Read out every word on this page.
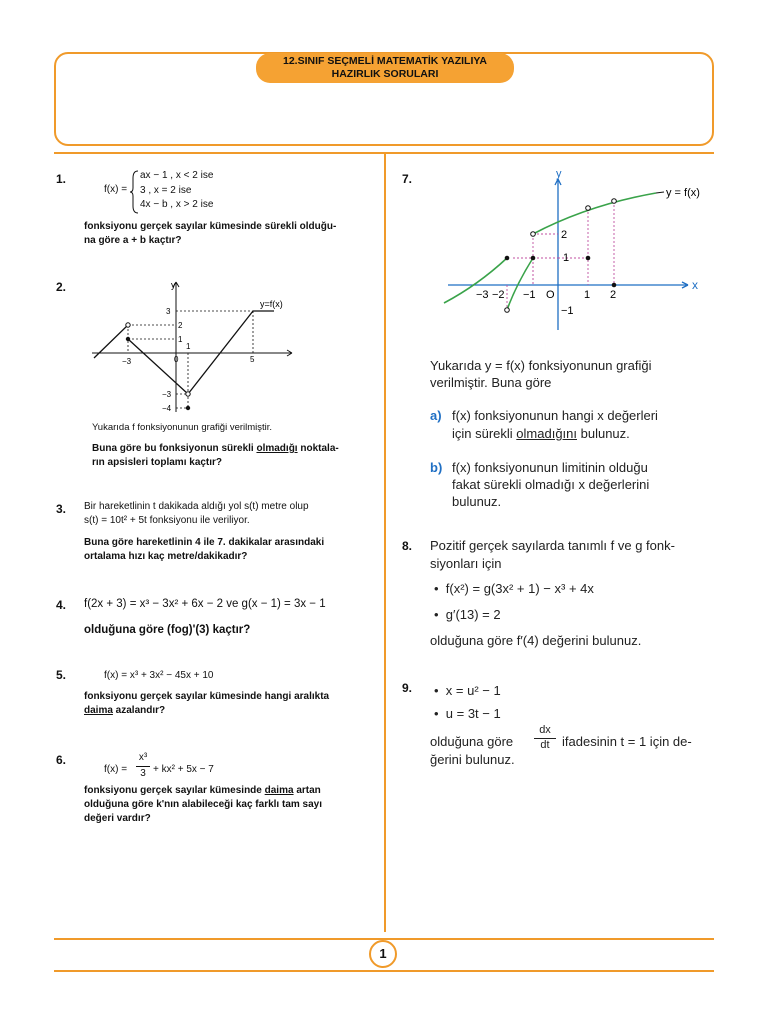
12.SINIF SEÇMELİ MATEMATİK YAZILIYA
HAZIRLIK SORULARI
1.
f(x) =
ax − 1 , x < 2 ise
3 , x = 2 ise
4x − b , x > 2 ise
fonksiyonu gerçek sayılar kümesinde sürekli olduğu-
na göre a + b kaçtır?
2.	y
y=f(x)
3
2
1
−3	0
1
5
−3
−4
Yukarıda f fonksiyonunun grafiği verilmiştir.
Buna göre bu fonksiyonun sürekli olmadığı noktala-
rın apsisleri toplamı kaçtır?
3. Bir hareketlinin t dakikada aldığı yol s(t) metre olup
s(t) = 10t² + 5t fonksiyonu ile veriliyor.
Buna göre hareketlinin 4 ile 7. dakikalar arasındaki
ortalama hızı kaç metre/dakikadır?
4. f(2x + 3) = x³ − 3x² + 6x − 2 ve g(x − 1) = 3x − 1
olduğuna göre (fog)'(3) kaçtır?
5.	f(x) = x³ + 3x² − 45x + 10
fonksiyonu gerçek sayılar kümesinde hangi aralıkta
daima azalandır?
6.
f(x) =
x³
3 + kx² + 5x − 7
fonksiyonu gerçek sayılar kümesinde daima artan
olduğuna göre k'nın alabileceği kaç farklı tam sayı
değeri vardır?
7.	y
x
y = f(x)
−3 −2 −1 O	1 2
2
1
−1
Yukarıda y = f(x) fonksiyonunun grafiği
verilmiştir. Buna göre
a) f(x) fonksiyonunun hangi x değerleri
için sürekli olmadığını bulunuz.
b) f(x) fonksiyonunun limitinin olduğu
fakat sürekli olmadığı x değerlerini
bulunuz.
8. Pozitif gerçek sayılarda tanımlı f ve g fonk-
siyonları için
•  f(x²) = g(3x² + 1) − x³ + 4x
•  g′(13) = 2
olduğuna göre f′(4) değerini bulunuz.
9. •  x = u² − 1
•  u = 3t − 1
olduğuna göre
dx
dt ifadesinin t = 1 için de-
ğerini bulunuz.
1
